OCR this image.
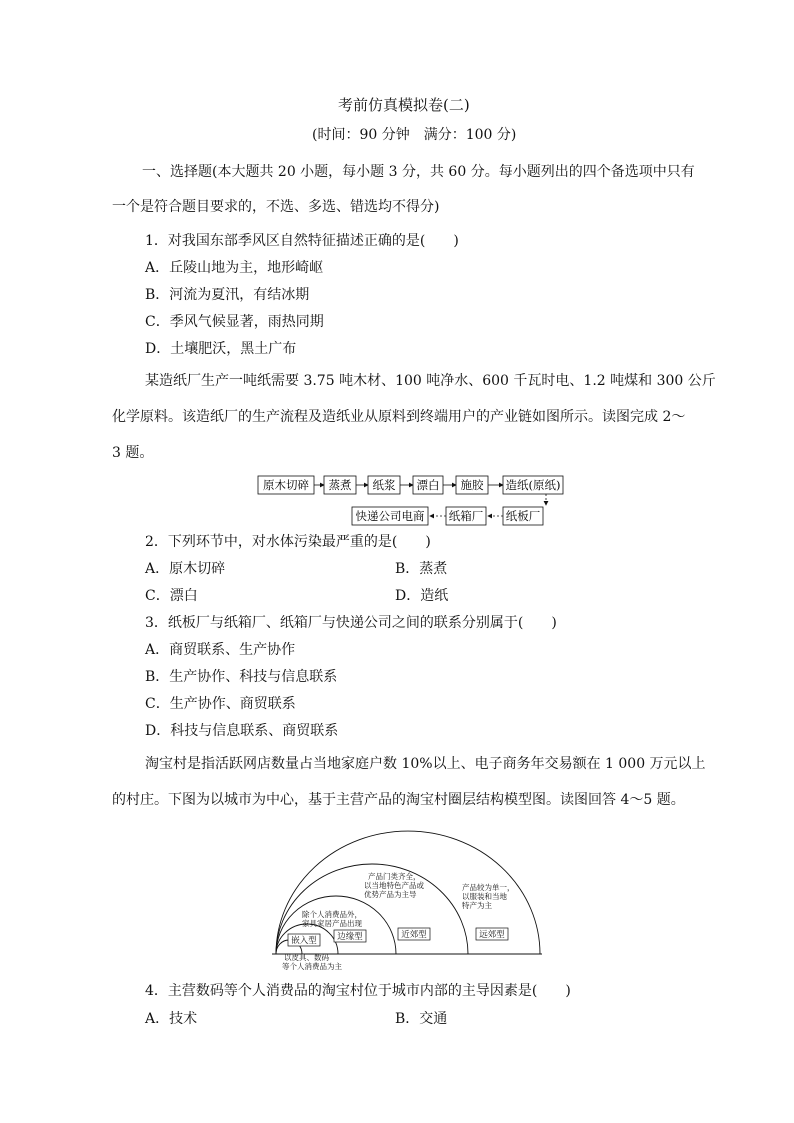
考前仿真模拟卷(二)
(时间：90 分钟　满分：100 分)
一、选择题(本大题共 20 小题，每小题 3 分，共 60 分。每小题列出的四个备选项中只有
一个是符合题目要求的，不选、多选、错选均不得分)
1．对我国东部季风区自然特征描述正确的是(　　)
A．丘陵山地为主，地形崎岖
B．河流为夏汛，有结冰期
C．季风气候显著，雨热同期
D．土壤肥沃，黑土广布
某造纸厂生产一吨纸需要 3.75 吨木材、100 吨净水、600 千瓦时电、1.2 吨煤和 300 公斤
化学原料。该造纸厂的生产流程及造纸业从原料到终端用户的产业链如图所示。读图完成 2～
3 题。
原木切碎 蒸煮 纸浆 漂白 施胶 造纸(原纸)
纸板厂
纸箱厂
快递公司电商
2．下列环节中，对水体污染最严重的是(　　)
A．原木切碎	B．蒸煮
C．漂白	D．造纸
3．纸板厂与纸箱厂、纸箱厂与快递公司之间的联系分别属于(　　)
A．商贸联系、生产协作
B．生产协作、科技与信息联系
C．生产协作、商贸联系
D．科技与信息联系、商贸联系
淘宝村是指活跃网店数量占当地家庭户数 10%以上、电子商务年交易额在 1 000 万元以上
的村庄。下图为以城市为中心，基于主营产品的淘宝村圈层结构模型图。读图回答 4～5 题。
嵌入型 边缘型	近郊型	远郊型
以皮具、数码
等个人消费品为主
除个人消费品外，
家具家居产品出现
产品门类齐全，
以当地特色产品或
优势产品为主导
产品较为单一，
以服装和当地
特产为主
4．主营数码等个人消费品的淘宝村位于城市内部的主导因素是(　　)
A．技术	B．交通
